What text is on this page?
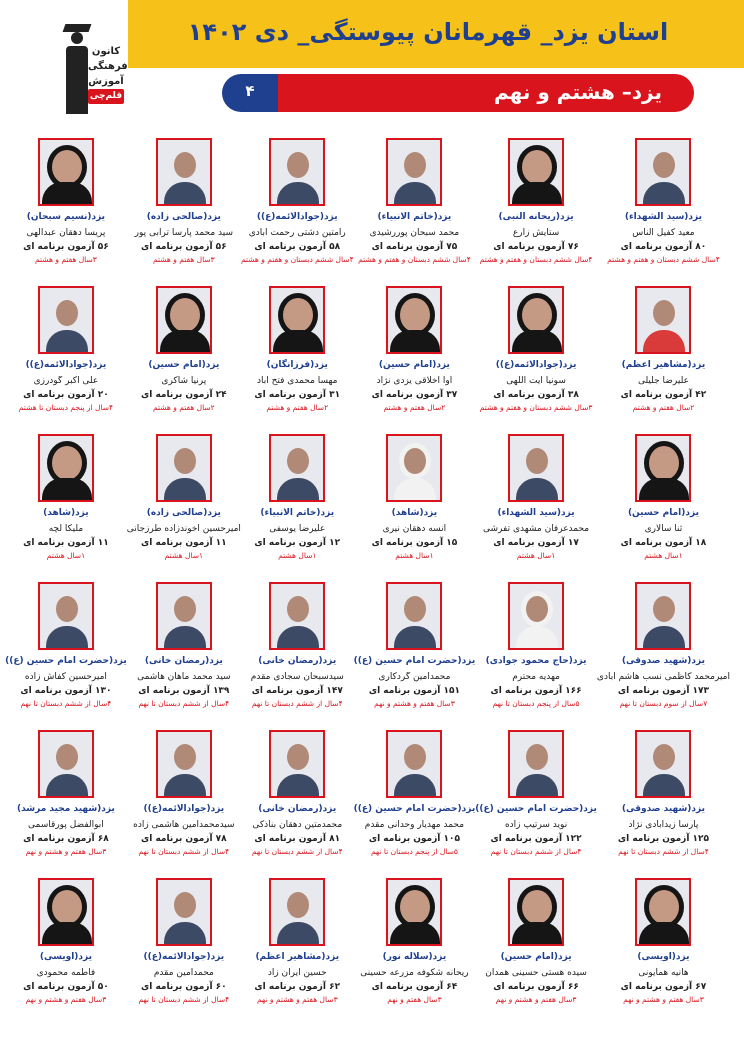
استان یزد_ قهرمانان پیوستگی_ دی ۱۴۰۲
یزد– هشتم و نهم
۴
کانون
فرهنگی
آموزش
قلم‌چی
یزد(سید الشهداء)
معید کفیل الناس
۸۰ آزمون برنامه ای
۴سال ششم دبستان و هفتم و هشتم
یزد(ریحانه النبی)
ستایش زارع
۷۶ آزمون برنامه ای
۴سال ششم دبستان و هفتم و هشتم
یزد(خاتم الانبیاء)
محمد سبحان پوررشیدی
۷۵ آزمون برنامه ای
۴سال ششم دبستان و هفتم و هشتم
یزد(جوادالائمه(ع))
رامتین دشتی رحمت آبادی
۵۸ آزمون برنامه ای
۴سال ششم دبستان و هفتم و هشتم
یزد(صالحی زاده)
سید محمد پارسا ترابی پور
۵۶ آزمون برنامه ای
۳سال هفتم و هشتم
یزد(نسیم سبحان)
پریسا دهقان عبدالهی
۵۶ آزمون برنامه ای
۳سال هفتم و هشتم
یزد(مشاهیر اعظم)
علیرضا جلیلی
۴۲ آزمون برنامه ای
۲سال هفتم و هشتم
یزد(جوادالائمه(ع))
سونیا آیت اللهی
۳۸ آزمون برنامه ای
۳سال ششم دبستان و هفتم و هشتم
یزد(امام حسین)
آوا اخلاقی یزدی نژاد
۳۷ آزمون برنامه ای
۲سال هفتم و هشتم
یزد(فرزانگان)
مهسا محمدی فتح اباد
۳۱ آزمون برنامه ای
۲سال هفتم و هشتم
یزد(امام حسین)
پرنیا شاکری
۲۴ آزمون برنامه ای
۲سال هفتم و هشتم
یزد(جوادالائمه(ع))
علی اکبر گودرزی
۲۰ آزمون برنامه ای
۴سال از پنجم دبستان تا هشتم
یزد(امام حسین)
ثنا سالاری
۱۸ آزمون برنامه ای
۱سال هشتم
یزد(سید الشهداء)
محمدعرفان مشهدی تفرشی
۱۷ آزمون برنامه ای
۱سال هشتم
یزد(شاهد)
آنسه دهقان نیری
۱۵ آزمون برنامه ای
۱سال هشتم
یزد(خاتم الانبیاء)
علیرضا یوسفی
۱۲ آزمون برنامه ای
۱سال هشتم
یزد(صالحی زاده)
امیرحسین آخوندزاده طرزجانی
۱۱ آزمون برنامه ای
۱سال هشتم
یزد(شاهد)
ملیکا لچه
۱۱ آزمون برنامه ای
۱سال هشتم
یزد(شهید صدوقی)
امیرمحمد کاظمی نسب هاشم آبادی
۱۷۳ آزمون برنامه ای
۷سال از سوم دبستان تا نهم
یزد(حاج محمود جوادی)
مهدیه محترم
۱۶۶ آزمون برنامه ای
۵سال از پنجم دبستان تا نهم
یزد(حضرت امام حسین (ع))
محمدامین گردکاری
۱۵۱ آزمون برنامه ای
۳سال هفتم و هشتم و نهم
یزد(رمضان خانی)
سیدسبحان سجادی مقدم
۱۴۷ آزمون برنامه ای
۴سال از ششم دبستان تا نهم
یزد(رمضان خانی)
سید محمد ماهان هاشمی
۱۳۹ آزمون برنامه ای
۴سال از ششم دبستان تا نهم
یزد(حضرت امام حسین (ع))
امیرحسین کفاش زاده
۱۳۰ آزمون برنامه ای
۴سال از ششم دبستان تا نهم
یزد(شهید صدوقی)
پارسا زیدآبادی نژاد
۱۲۵ آزمون برنامه ای
۴سال از ششم دبستان تا نهم
یزد(حضرت امام حسین (ع))
نوید سرتیپ زاده
۱۲۲ آزمون برنامه ای
۴سال از ششم دبستان تا نهم
یزد(حضرت امام حسین (ع))
محمد مهدیار وحدانی مقدم
۱۰۵ آزمون برنامه ای
۵سال از پنجم دبستان تا نهم
یزد(رمضان خانی)
محمدمتین دهقان بناذکی
۸۱ آزمون برنامه ای
۴سال از ششم دبستان تا نهم
یزد(جوادالائمه(ع))
سیدمحمدامین هاشمی زاده
۷۸ آزمون برنامه ای
۴سال از ششم دبستان تا نهم
یزد(شهید مجید مرشد)
ابوالفضل پورقاسمی
۶۸ آزمون برنامه ای
۳سال هفتم و هشتم و نهم
یزد(اویسی)
هانیه همایونی
۶۷ آزمون برنامه ای
۳سال هفتم و هشتم و نهم
یزد(امام حسین)
سیده هستی حسینی همدان
۶۶ آزمون برنامه ای
۳سال هفتم و هشتم و نهم
یزد(سلاله نور)
ریحانه شکوفه مزرعه حسینی
۶۴ آزمون برنامه ای
۳سال هفتم و نهم
یزد(مشاهیر اعظم)
حسین ایران زاد
۶۲ آزمون برنامه ای
۳سال هفتم و هشتم و نهم
یزد(جوادالائمه(ع))
محمدامین مقدم
۶۰ آزمون برنامه ای
۴سال از ششم دبستان تا نهم
یزد(اویسی)
فاطمه محمودی
۵۰ آزمون برنامه ای
۳سال هفتم و هشتم و نهم
